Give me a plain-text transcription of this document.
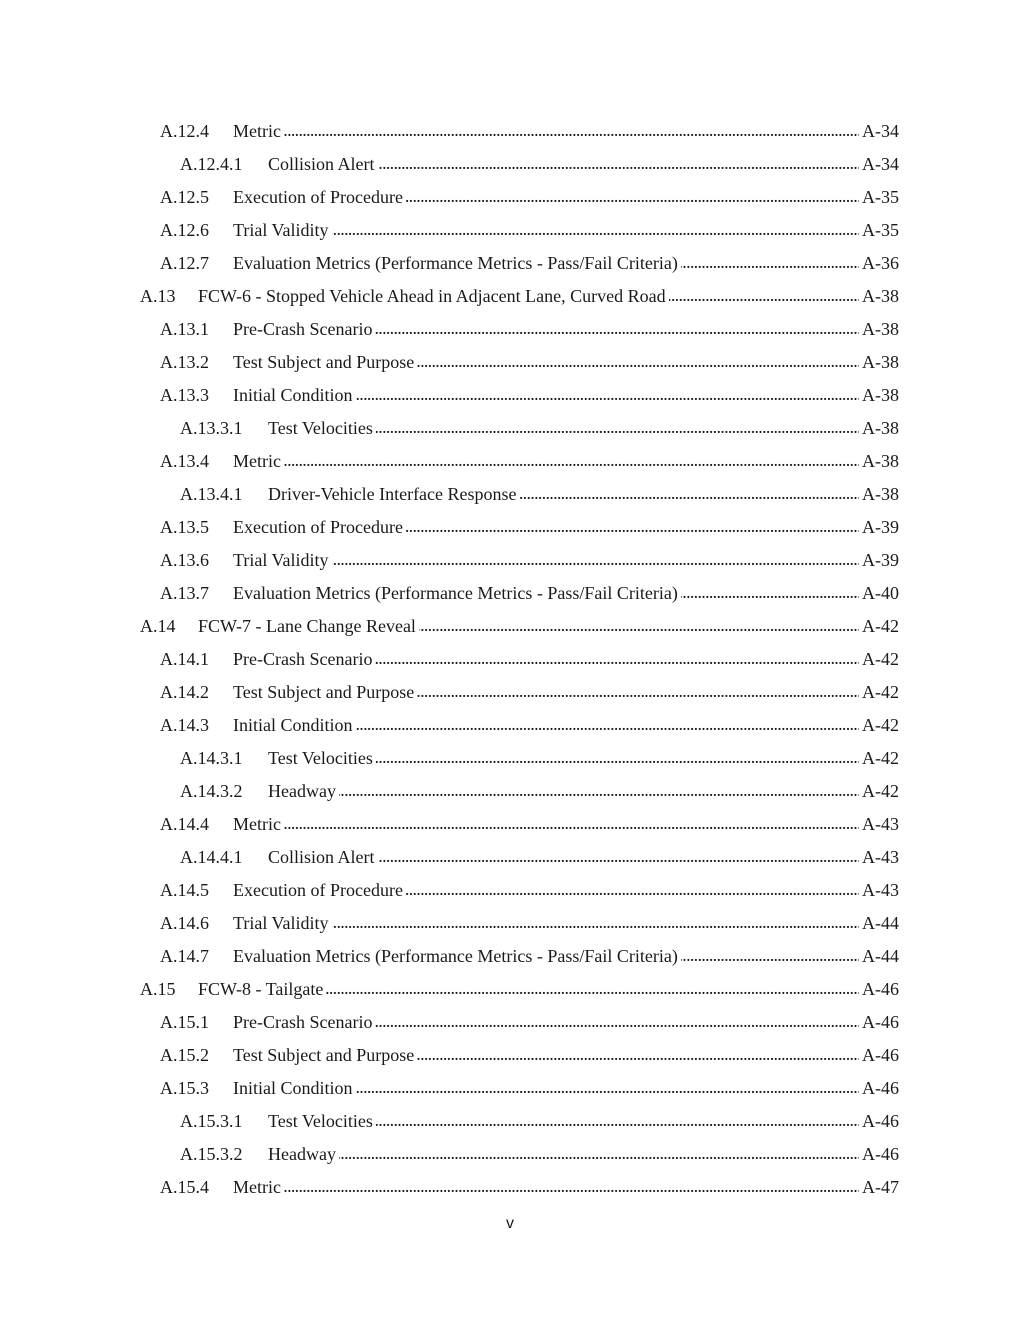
A.12.4	Metric . . .	A-34
A.12.4.1	Collision Alert . . .	A-34
A.12.5	Execution of Procedure . . .	A-35
A.12.6	Trial Validity . . .	A-35
A.12.7	Evaluation Metrics (Performance Metrics - Pass/Fail Criteria) . . .	A-36
A.13	FCW-6 - Stopped Vehicle Ahead in Adjacent Lane, Curved Road . . .	A-38
A.13.1	Pre-Crash Scenario . . .	A-38
A.13.2	Test Subject and Purpose . . .	A-38
A.13.3	Initial Condition . . .	A-38
A.13.3.1	Test Velocities . . .	A-38
A.13.4	Metric . . .	A-38
A.13.4.1	Driver-Vehicle Interface Response . . .	A-38
A.13.5	Execution of Procedure . . .	A-39
A.13.6	Trial Validity . . .	A-39
A.13.7	Evaluation Metrics (Performance Metrics - Pass/Fail Criteria) . . .	A-40
A.14	FCW-7 - Lane Change Reveal . . .	A-42
A.14.1	Pre-Crash Scenario . . .	A-42
A.14.2	Test Subject and Purpose . . .	A-42
A.14.3	Initial Condition . . .	A-42
A.14.3.1	Test Velocities . . .	A-42
A.14.3.2	Headway . . .	A-42
A.14.4	Metric . . .	A-43
A.14.4.1	Collision Alert . . .	A-43
A.14.5	Execution of Procedure . . .	A-43
A.14.6	Trial Validity . . .	A-44
A.14.7	Evaluation Metrics (Performance Metrics - Pass/Fail Criteria) . . .	A-44
A.15	FCW-8 - Tailgate . . .	A-46
A.15.1	Pre-Crash Scenario . . .	A-46
A.15.2	Test Subject and Purpose . . .	A-46
A.15.3	Initial Condition . . .	A-46
A.15.3.1	Test Velocities . . .	A-46
A.15.3.2	Headway . . .	A-46
A.15.4	Metric . . .	A-47
v
